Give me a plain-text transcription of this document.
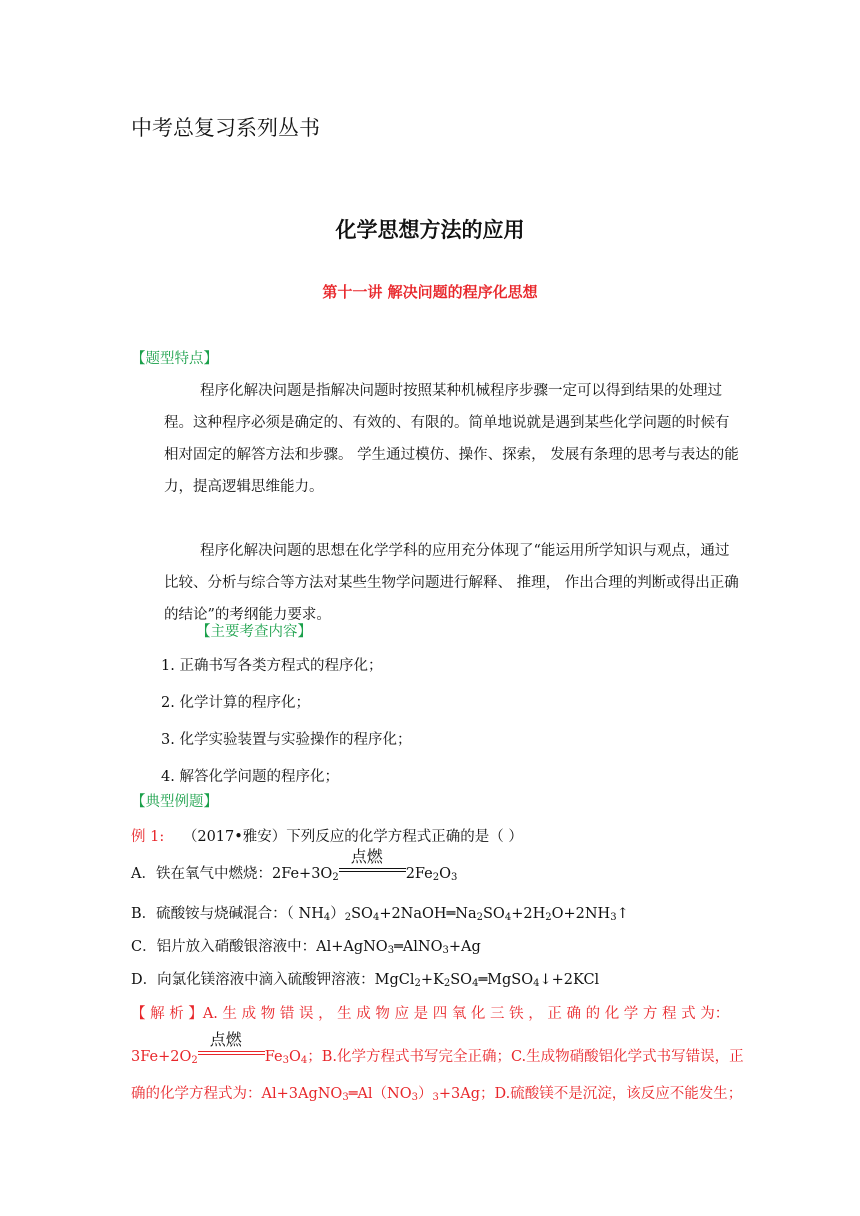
中考总复习系列丛书
化学思想方法的应用
第十一讲 解决问题的程序化思想
【题型特点】
程序化解决问题是指解决问题时按照某种机械程序步骤一定可以得到结果的处理过程。这种程序必须是确定的、有效的、有限的。简单地说就是遇到某些化学问题的时候有相对固定的解答方法和步骤。 学生通过模仿、操作、探索， 发展有条理的思考与表达的能力，提高逻辑思维能力。
程序化解决问题的思想在化学学科的应用充分体现了“能运用所学知识与观点，通过比较、分析与综合等方法对某些生物学问题进行解释、 推理， 作出合理的判断或得出正确的结论”的考纲能力要求。
【主要考查内容】
1. 正确书写各类方程式的程序化；
2. 化学计算的程序化；
3. 化学实验装置与实验操作的程序化；
4. 解答化学问题的程序化；
【典型例题】
例 1: （2017•雅安）下列反应的化学方程式正确的是（ ）
A．铁在氧气中燃烧：$2Fe+3O_2$
点燃
$2Fe_2O_3$
B．硫酸铵与烧碱混合：（ $NH_4)_2SO_4+2NaOH═Na_2SO_4+2H_2O+2NH_3↑$
C．铝片放入硝酸银溶液中：Al+AgNO$_3$═AlNO$_3$+Ag
D．向氯化镁溶液中滴入硫酸钾溶液：$MgCl_2+K_2SO_4═MgSO_4↓+2KCl$
【 解 析 】A. 生 成 物 错 误 ， 生 成 物 应 是 四 氧 化 三 铁 ， 正 确 的 化 学 方 程 式 为：
$3Fe+2O_2$
点燃
$Fe_3O_4$；B.化学方程式书写完全正确；C.生成物硝酸铝化学式书写错误，正
确的化学方程式为：$Al+3AgNO_3═Al(NO_3)_3+3Ag$；D.硫酸镁不是沉淀，该反应不能发生；
